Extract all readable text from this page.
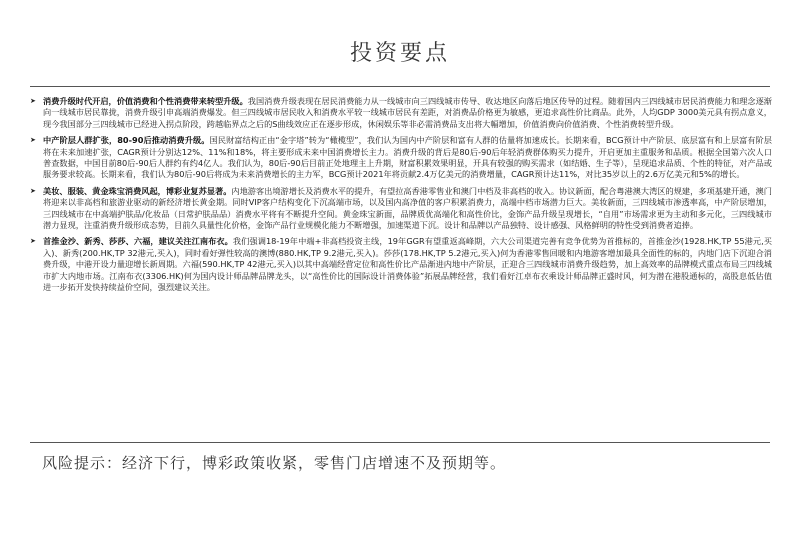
投资要点
➤ 消费升级时代开启，价值消费和个性消费带来转型升级。我国消费升级表现在居民消费能力从一线城市向三四线城市传导、收达地区向落后地区传导的过程。随着国内三四线城市居民消费能力和理念逐渐向一线城市居民靠拢，消费升级引申高端消费爆发。但三四线城市居民收入和消费水平较一线城市居民有差距，对消费品价格更为敏感，更追求高性价比商品。此外，人均GDP 3000美元具有拐点意义，现今我国部分三四线城市已经进入拐点阶段，跨越临界点之后的S曲线效应正在逐步形成，休闲娱乐等非必需消费品支出将大幅增加，价值消费向价值消费、个性消费转型升级。
➤ 中产阶层人群扩张，80-90后推动消费升级。国民财富结构正由“金字塔”转为“橄榄型”，我们认为国内中产阶层和富有人群的估量将加速成长。长期来看，BCG预计中产阶层、底层富有和上层富有阶层将在未来加速扩张，CAGR预计分别达12%、11%和18%，将主要形成未来中国消费增长主力。消费升级的背后是80后-90后年轻消费群体购买力提升，开启更加主重服务和品质。根据全国第六次人口普查数据，中国目前80后-90后人群约有约4亿人。我们认为，80后-90后目前正处地理主上升期，财富积累效果明显，开具有较强的购买需求（如结婚、生子等），呈现追求品质、个性的特征，对产品或服务要求较高。长期来看，我们认为80后-90后将成为未来消费增长的主力军，BCG预计2021年将贡献2.4万亿美元的消费增量，CAGR预计达11%，对比35岁以上的2.6万亿美元和5%的增长。
➤ 美妆、服装、黄金珠宝消费风起，博彩业复苏显著。内地游客出境游增长及消费水平的提升，有望拉高香港零售业和澳门中档及非高档的收入。协议新面，配合粤港澳大湾区的规建，多项基建开通，澳门将迎来以非高档和旅游业驱动的新经济增长黄金期。同时VIP客户结构变化下沉高端市场，以及国内高净值的客户积累消费力，高端中档市场潜力巨大。美妆新面，三四线城市渗透率高，中产阶层增加，三四线城市在中高端护肤品/化妆品（日常护肤品品）消费水平将有不断提升空间。黄金珠宝新面，品牌质优高端化和高性价比，金饰产品升级呈现增长，“自用”市场需求更为主动和多元化，三四线城市潜力显现，注重消费升级形成态势，目前久具量性化价格，金饰产品行业规模化能力不断增强，加速渠道下沉。设计和品牌以产品独特、设计感强、风格鲜明的特性受到消费者追捧。
➤ 首推金沙、新秀、莎莎、六福，建议关注江南布衣。我们强调18-19年中端+非高档投资主线，19年GGR有望重返高峰期，六大公司渠道完善有竞争优势为首推标的，首推金沙(1928.HK,TP 55港元,买入)、新秀(200.HK,TP 32港元,买入)，同时看好弹性较高的澳博(880.HK,TP 9.2港元,买入)。莎莎(178.HK,TP 5.2港元,买入)何为香港零售回暖和内地游客增加最具全面性的标的，内地门店下沉迎合消费升级，中港开设力量迎增长新周期。六福(590.HK,TP 42港元,买入)以其中高端经营定位和高性价比产品渐进内地中产阶层，正迎合三四线城市消费升级趋势，加上高效率的品牌模式重点布局三四线城市扩大内地市场。江南布衣(3306.HK)何为国内设计师品牌品牌龙头，以“高性价比的国际设计消费体验”拓展品牌经营，我们看好江卓布衣乘设计师品牌正盛时风，何为潜在港股通标的，高股息低估值进一步拓开发快持续益价空间，强烈建议关注。
风险提示：经济下行，博彩政策收紧，零售门店增速不及预期等。
